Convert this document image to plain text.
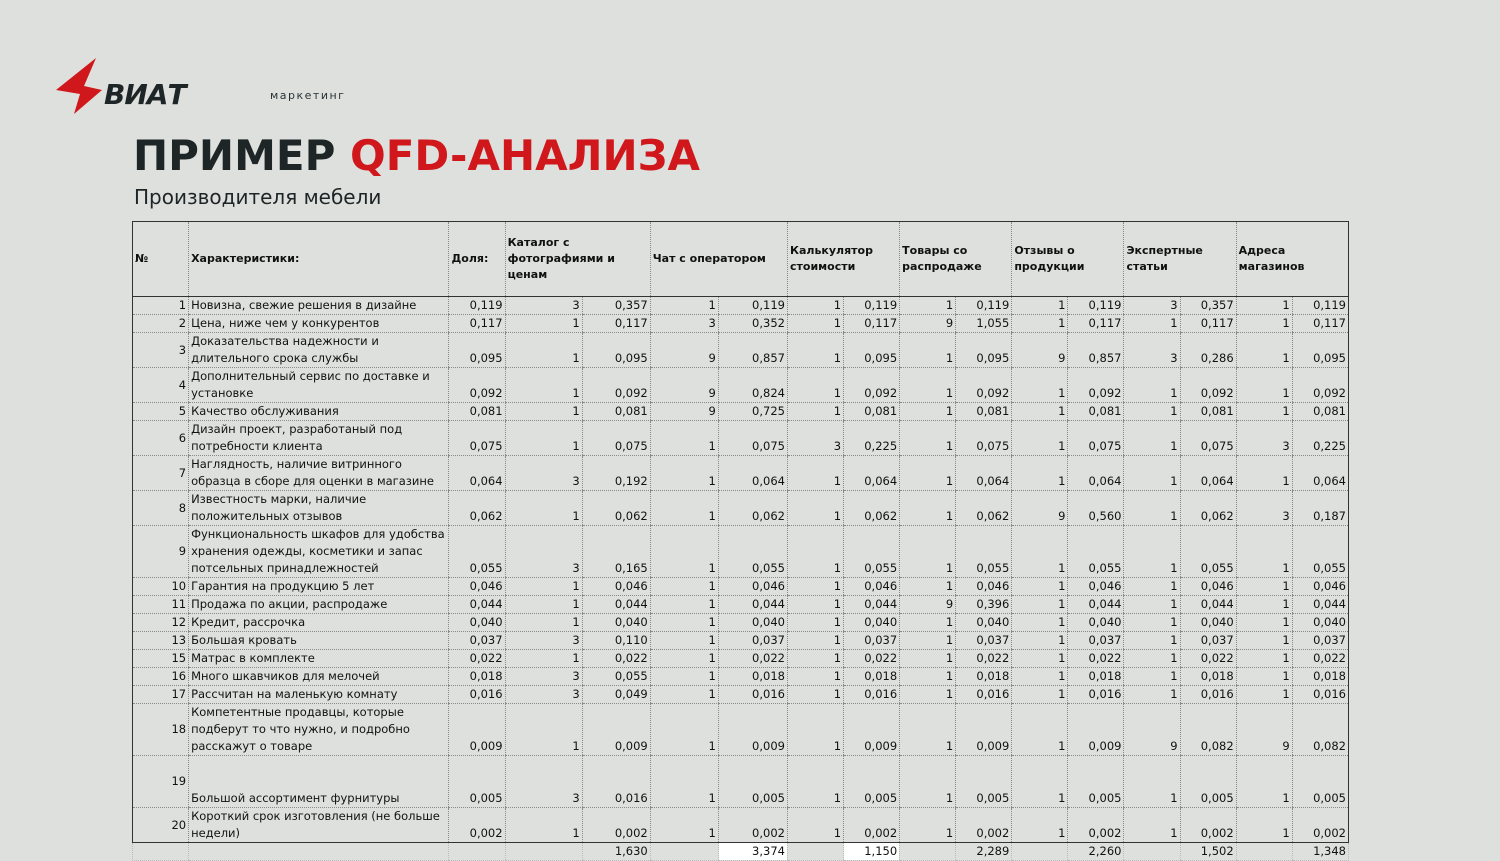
ВИАТ	маркетинг
ПРИМЕР QFD-АНАЛИЗА
Производителя мебели
№	Характеристики:	Доля:	Каталог с фотографиями и ценам		Чат с оператором		Калькулятор стоимости		Товары со распродаже		Отзывы о продукции		Экспертные статьи		Адреса магазинов	
1	Новизна, свежие решения в дизайне	0,119	3	0,357	1	0,119	1	0,119	1	0,119	1	0,119	3	0,357	1	0,119
2	Цена, ниже чем у конкурентов	0,117	1	0,117	3	0,352	1	0,117	9	1,055	1	0,117	1	0,117	1	0,117
3	Доказательства надежности и длительного срока службы	0,095	1	0,095	9	0,857	1	0,095	1	0,095	9	0,857	3	0,286	1	0,095
4	Дополнительный сервис по доставке и установке	0,092	1	0,092	9	0,824	1	0,092	1	0,092	1	0,092	1	0,092	1	0,092
5	Качество обслуживания	0,081	1	0,081	9	0,725	1	0,081	1	0,081	1	0,081	1	0,081	1	0,081
6	Дизайн проект, разработаный под потребности клиента	0,075	1	0,075	1	0,075	3	0,225	1	0,075	1	0,075	1	0,075	3	0,225
7	Наглядность, наличие витринного образца в сборе для оценки в магазине	0,064	3	0,192	1	0,064	1	0,064	1	0,064	1	0,064	1	0,064	1	0,064
8	Известность марки, наличие положительных отзывов	0,062	1	0,062	1	0,062	1	0,062	1	0,062	9	0,560	1	0,062	3	0,187
9	Функциональность шкафов для удобства хранения одежды, косметики и запас потсельных принадлежностей	0,055	3	0,165	1	0,055	1	0,055	1	0,055	1	0,055	1	0,055	1	0,055
10	Гарантия на продукцию 5 лет	0,046	1	0,046	1	0,046	1	0,046	1	0,046	1	0,046	1	0,046	1	0,046
11	Продажа по акции, распродаже	0,044	1	0,044	1	0,044	1	0,044	9	0,396	1	0,044	1	0,044	1	0,044
12	Кредит, рассрочка	0,040	1	0,040	1	0,040	1	0,040	1	0,040	1	0,040	1	0,040	1	0,040
13	Большая кровать	0,037	3	0,110	1	0,037	1	0,037	1	0,037	1	0,037	1	0,037	1	0,037
15	Матрас в комплекте	0,022	1	0,022	1	0,022	1	0,022	1	0,022	1	0,022	1	0,022	1	0,022
16	Много шкавчиков для мелочей	0,018	3	0,055	1	0,018	1	0,018	1	0,018	1	0,018	1	0,018	1	0,018
17	Рассчитан на маленькую комнату	0,016	3	0,049	1	0,016	1	0,016	1	0,016	1	0,016	1	0,016	1	0,016
18	Компетентные продавцы, которые подберут то что нужно, и подробно расскажут о товаре	0,009	1	0,009	1	0,009	1	0,009	1	0,009	1	0,009	9	0,082	9	0,082
19	Большой ассортимент фурнитуры	0,005	3	0,016	1	0,005	1	0,005	1	0,005	1	0,005	1	0,005	1	0,005
20	Короткий срок изготовления (не больше недели)	0,002	1	0,002	1	0,002	1	0,002	1	0,002	1	0,002	1	0,002	1	0,002
				1,630		3,374		1,150		2,289		2,260		1,502		1,348
